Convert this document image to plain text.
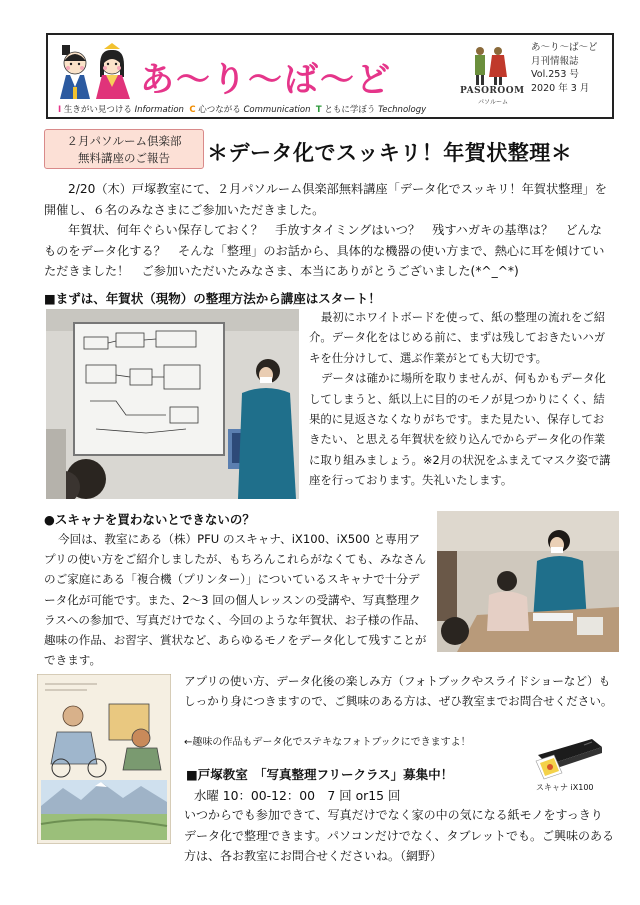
あ～り～ば～ど
I 生きがい見つける Information C 心つながる Communication T ともに学ぼう Technology
PASOROOM
パソルーム
あ～り～ば～ど
月刊情報誌
Vol.253 号
2020 年 3 月
２月パソルーム倶楽部
無料講座のご報告	＊データ化でスッキリ！年賀状整理＊

2/20（木）戸塚教室にて、２月パソルーム倶楽部無料講座「データ化でスッキリ！年賀状整理」を開催し、６名のみなさまにご参加いただきました。

年賀状、何年ぐらい保存しておく？　手放すタイミングはいつ？　残すハガキの基準は？　どんなものをデータ化する？　そんな「整理」のお話から、具体的な機器の使い方まで、熱心に耳を傾けていただきました！　ご参加いただいたみなさま、本当にありがとうございました(*^_^*)

■まずは、年賀状（現物）の整理方法から講座はスタート！

最初にホワイトボードを使って、紙の整理の流れをご紹介。データ化をはじめる前に、まずは残しておきたいハガキを仕分けして、選ぶ作業がとても大切です。

データは確かに場所を取りませんが、何もかもデータ化してしまうと、紙以上に目的のモノが見つかりにくく、結果的に見返さなくなりがちです。また見たい、保存しておきたい、と思える年賀状を絞り込んでからデータ化の作業に取り組みましょう。※2月の状況をふまえてマスク姿で講座を行っております。失礼いたします。

●スキャナを買わないとできないの？

今回は、教室にある（株）PFU のスキャナ、iX100、iX500 と専用アプリの使い方をご紹介しましたが、もちろんこれらがなくても、みなさんのご家庭にある「複合機（プリンター）」についているスキャナで十分データ化が可能です。また、2～3 回の個人レッスンの受講や、写真整理クラスへの参加で、写真だけでなく、今回のような年賀状、お子様の作品、趣味の作品、お習字、賞状など、あらゆるモノをデータ化して残すことができます。

アプリの使い方、データ化後の楽しみ方（フォトブックやスライドショーなど）もしっかり身につきますので、ご興味のある方は、ぜひ教室までお問合せください。

←趣味の作品もデータ化でステキなフォトブックにできますよ！
スキャナ iX100
■戸塚教室　「写真整理フリークラス」募集中！
水曜 10：00-12：00　7 回 or15 回

いつからでも参加できて、写真だけでなく家の中の気になる紙モノをすっきりデータ化で整理できます。パソコンだけでなく、タブレットでも。ご興味のある方は、各お教室にお問合せくださいね。（網野）
